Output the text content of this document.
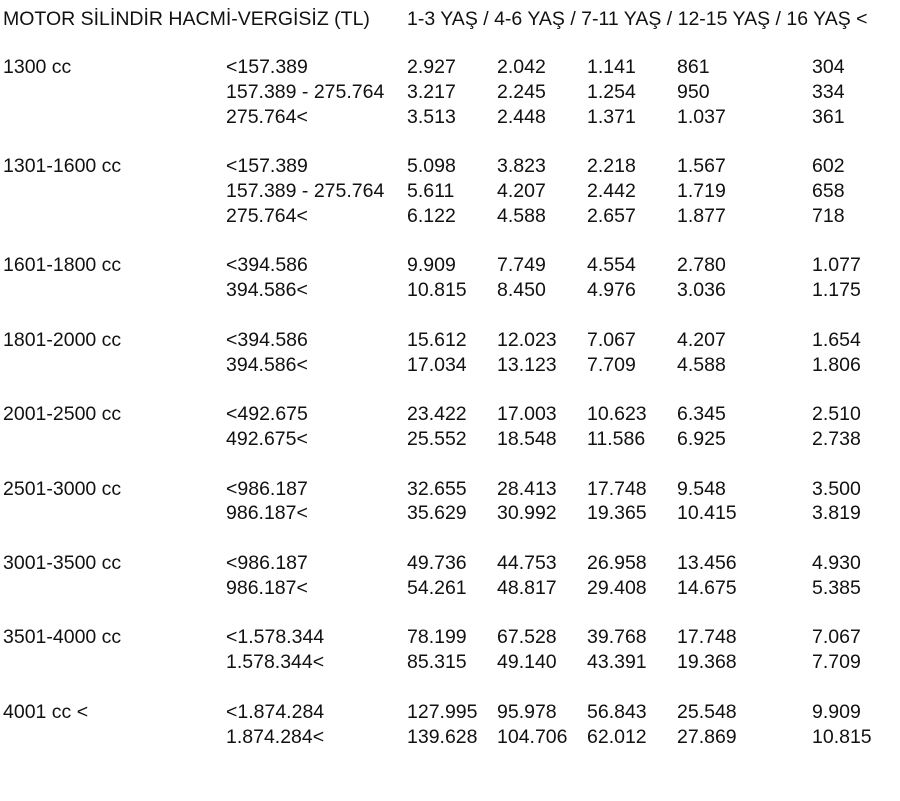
MOTOR SİLİNDİR HACMİ-VERGİSİZ (TL) 1-3 YAŞ / 4-6 YAŞ / 7-11 YAŞ / 12-15 YAŞ / 16 YAŞ <
1300 cc	<157.389	2.927 2.042 1.141 861	304
157.389 - 275.764 3.217 2.245 1.254 950	334
275.764<	3.513 2.448 1.371 1.037	361
1301-1600 cc	<157.389	5.098 3.823 2.218 1.567	602
157.389 - 275.764 5.611 4.207 2.442 1.719	658
275.764<	6.122 4.588 2.657 1.877	718
1601-1800 cc	<394.586	9.909 7.749 4.554 2.780	1.077
394.586<	10.815 8.450 4.976 3.036	1.175
1801-2000 cc	<394.586	15.612 12.023 7.067 4.207	1.654
394.586<	17.034 13.123 7.709 4.588	1.806
2001-2500 cc	<492.675	23.422 17.003 10.623 6.345	2.510
492.675<	25.552 18.548 11.586 6.925	2.738
2501-3000 cc	<986.187	32.655 28.413 17.748 9.548	3.500
986.187<	35.629 30.992 19.365 10.415	3.819
3001-3500 cc	<986.187	49.736 44.753 26.958 13.456	4.930
986.187<	54.261 48.817 29.408 14.675	5.385
3501-4000 cc	<1.578.344	78.199 67.528 39.768 17.748	7.067
1.578.344<	85.315 49.140 43.391 19.368	7.709
4001 cc <	<1.874.284	127.995 95.978 56.843 25.548	9.909
1.874.284<	139.628 104.706 62.012 27.869	10.815
